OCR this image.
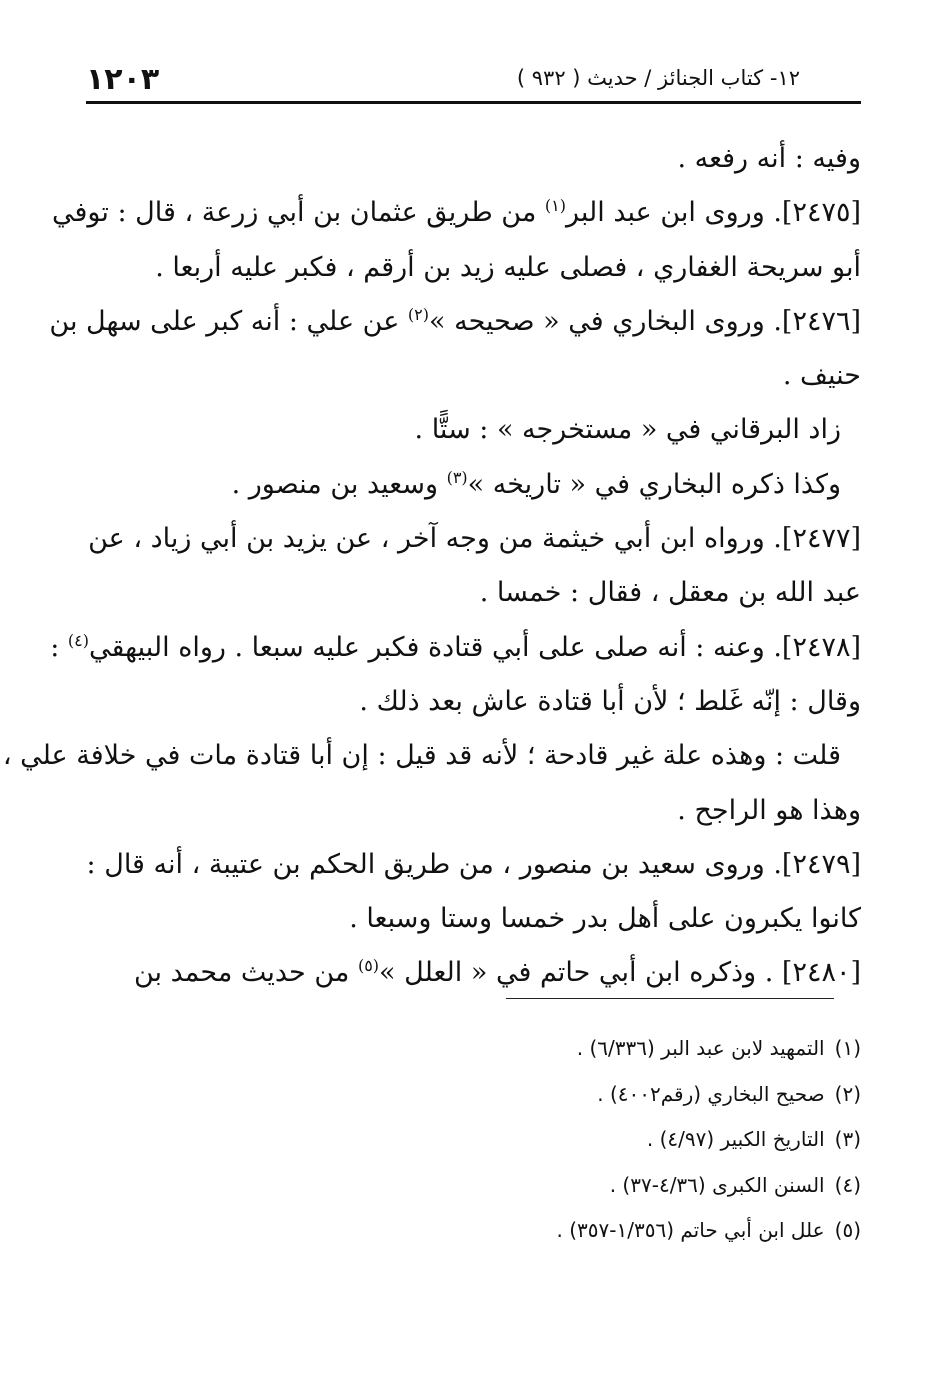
١٢- كتاب الجنائز / حديث ( ٩٣٢ )
١٢٠٣
وفيه : أنه رفعه .
[٢٤٧٥]. وروى ابن عبد البر$^{(١)}$ من طريق عثمان بن أبي زرعة ، قال : توفي
أبو سريحة الغفاري ، فصلى عليه زيد بن أرقم ، فكبر عليه أربعا .
[٢٤٧٦]. وروى البخاري في « صحيحه »$^{(٢)}$ عن علي : أنه كبر على سهل بن
حنيف .
زاد البرقاني في « مستخرجه » : ستًّا .
وكذا ذكره البخاري في « تاريخه »$^{(٣)}$ وسعيد بن منصور .
[٢٤٧٧]. ورواه ابن أبي خيثمة من وجه آخر ، عن يزيد بن أبي زياد ، عن
عبد الله بن معقل ، فقال : خمسا .
[٢٤٧٨]. وعنه : أنه صلى على أبي قتادة فكبر عليه سبعا . رواه البيهقي$^{(٤)}$ :
وقال : إنّه غَلط ؛ لأن أبا قتادة عاش بعد ذلك .
قلت : وهذه علة غير قادحة ؛ لأنه قد قيل : إن أبا قتادة مات في خلافة علي ،
وهذا هو الراجح .
[٢٤٧٩]. وروى سعيد بن منصور ، من طريق الحكم بن عتيبة ، أنه قال :
كانوا يكبرون على أهل بدر خمسا وستا وسبعا .
[٢٤٨٠] . وذكره ابن أبي حاتم في « العلل »$^{(٥)}$ من حديث محمد بن
(١)التمهيد لابن عبد البر (٦/٣٣٦) .
(٢)صحيح البخاري (رقم٤٠٠٢) .
(٣)التاريخ الكبير (٤/٩٧) .
(٤)السنن الكبرى (٤/٣٦-٣٧) .
(٥)علل ابن أبي حاتم (١/٣٥٦-٣٥٧) .
